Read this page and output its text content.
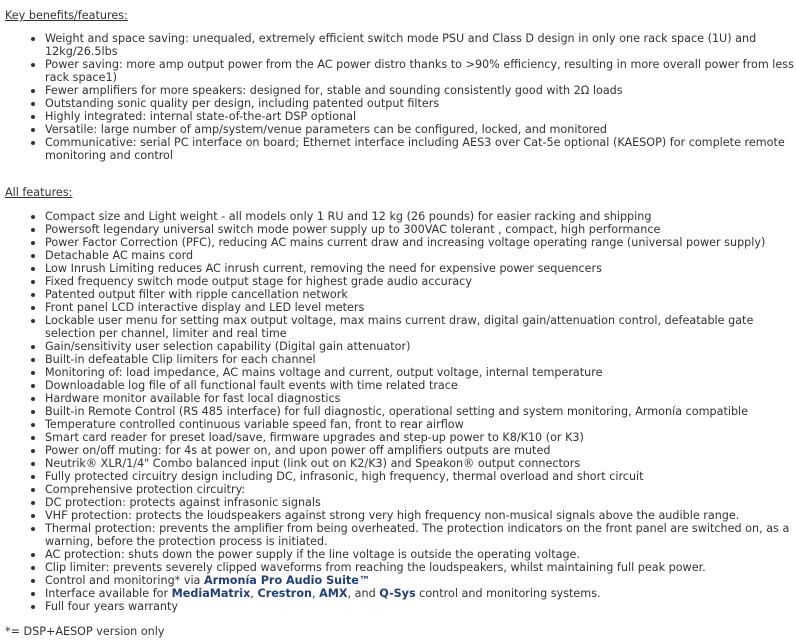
Key benefits/features:
Weight and space saving: unequaled, extremely efficient switch mode PSU and Class D design in only one rack space (1U) and 12kg/26.5lbs
Power saving: more amp output power from the AC power distro thanks to >90% efficiency, resulting in more overall power from less rack space1)
Fewer amplifiers for more speakers: designed for, stable and sounding consistently good with 2Ω loads
Outstanding sonic quality per design, including patented output filters
Highly integrated: internal state-of-the-art DSP optional
Versatile: large number of amp/system/venue parameters can be configured, locked, and monitored
Communicative: serial PC interface on board; Ethernet interface including AES3 over Cat-5e optional (KAESOP) for complete remote monitoring and control
All features:
Compact size and Light weight - all models only 1 RU and 12 kg (26 pounds) for easier racking and shipping
Powersoft legendary universal switch mode power supply up to 300VAC tolerant , compact, high performance
Power Factor Correction (PFC), reducing AC mains current draw and increasing voltage operating range (universal power supply)
Detachable AC mains cord
Low Inrush Limiting reduces AC inrush current, removing the need for expensive power sequencers
Fixed frequency switch mode output stage for highest grade audio accuracy
Patented output filter with ripple cancellation network
Front panel LCD interactive display and LED level meters
Lockable user menu for setting max output voltage, max mains current draw, digital gain/attenuation control, defeatable gate selection per channel, limiter and real time
Gain/sensitivity user selection capability (Digital gain attenuator)
Built-in defeatable Clip limiters for each channel
Monitoring of: load impedance, AC mains voltage and current, output voltage, internal temperature
Downloadable log file of all functional fault events with time related trace
Hardware monitor available for fast local diagnostics
Built-in Remote Control (RS 485 interface) for full diagnostic, operational setting and system monitoring, Armonía compatible
Temperature controlled continuous variable speed fan, front to rear airflow
Smart card reader for preset load/save, firmware upgrades and step-up power to K8/K10 (or K3)
Power on/off muting: for 4s at power on, and upon power off amplifiers outputs are muted
Neutrik® XLR/1/4" Combo balanced input (link out on K2/K3) and Speakon® output connectors
Fully protected circuitry design including DC, infrasonic, high frequency, thermal overload and short circuit
Comprehensive protection circuitry:
DC protection: protects against infrasonic signals
VHF protection: protects the loudspeakers against strong very high frequency non-musical signals above the audible range.
Thermal protection: prevents the amplifier from being overheated. The protection indicators on the front panel are switched on, as a warning, before the protection process is initiated.
AC protection: shuts down the power supply if the line voltage is outside the operating voltage.
Clip limiter: prevents severely clipped waveforms from reaching the loudspeakers, whilst maintaining full peak power.
Control and monitoring* via Armonía Pro Audio Suite™
Interface available for MediaMatrix, Crestron, AMX, and Q-Sys control and monitoring systems.
Full four years warranty

*= DSP+AESOP version only
